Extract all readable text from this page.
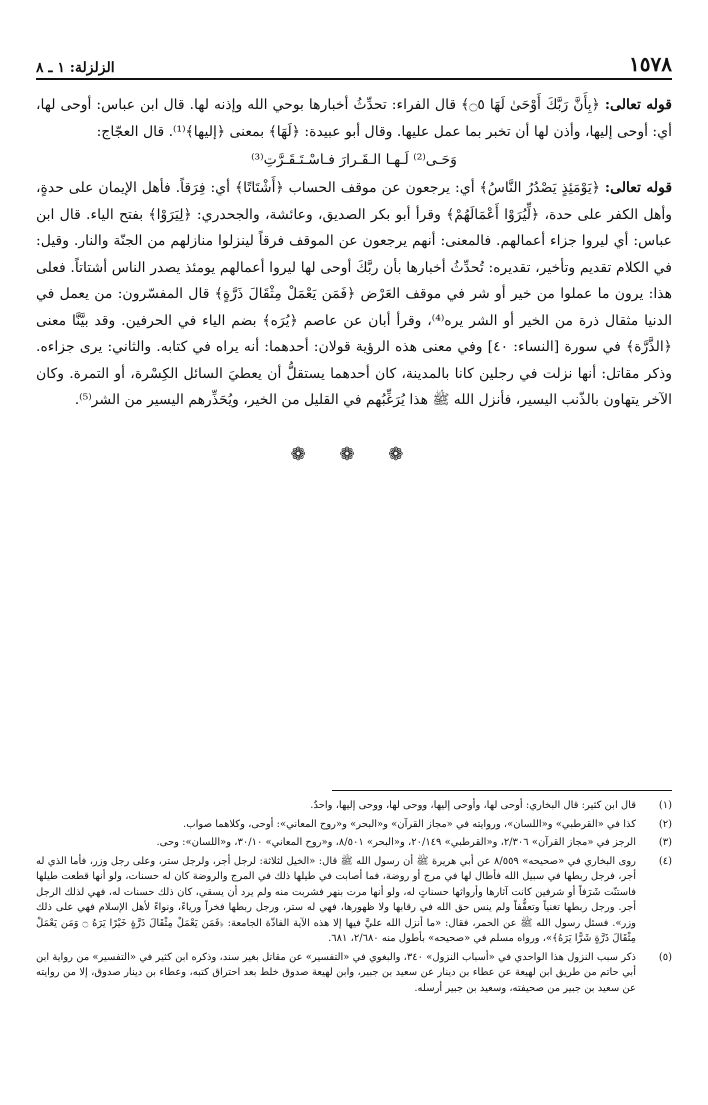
١٥٧٨
الزلزلة: ١ ـ ٨

قوله تعالى: ﴿بِأَنَّ رَبَّكَ أَوْحَىٰ لَهَا ۝٥﴾ قال الفراء: تحدِّثُ أخبارها بوحي الله وإذنه لها. قال ابن عباس: أوحى لها، أي: أوحى إليها، وأذن لها أن تخبر بما عمل عليها. وقال أبو عبيدة: ﴿لَهَا﴾ بمعنى ﴿إليها﴾⁽¹⁾. قال العجّاج:

وَحَـى⁽²⁾ لَـهـا الـقَـرارَ فـاسْـتَـقَـرَّتِ⁽³⁾

قوله تعالى: ﴿يَوْمَئِذٍ يَصْدُرُ النَّاسُ﴾ أي: يرجعون عن موقف الحساب ﴿أَشْتَاتًا﴾ أي: فِرَقاً. فأهل الإيمان على حدةٍ، وأهل الكفر على حدة، ﴿لِّيُرَوْا أَعْمَالَهُمْ﴾ وقرأ أبو بكر الصديق، وعائشة، والجحدري: ﴿لِيَرَوْا﴾ بفتح الياء. قال ابن عباس: أي ليروا جزاء أعمالهم. فالمعنى: أنهم يرجعون عن الموقف فرقاً لينزلوا منازلهم من الجنّة والنار. وقيل: في الكلام تقديم وتأخير، تقديره: تُحدِّثُ أخبارها بأن ربَّكَ أوحى لها ليروا أعمالهم يومئذ يصدر الناس أشتاتاً. فعلى هذا: يرون ما عملوا من خير أو شر في موقف العَرْض ﴿فَمَن يَعْمَلْ مِثْقَالَ ذَرَّةٍ﴾ قال المفسّرون: من يعمل في الدنيا مثقال ذرة من الخير أو الشر يره⁽⁴⁾، وقرأ أبان عن عاصم ﴿يُرَه﴾ بضم الياء في الحرفين. وقد بيَّنَّا معنى ﴿الذَّرَّة﴾ في سورة [النساء: ٤٠] وفي معنى هذه الرؤية قولان: أحدهما: أنه يراه في كتابه. والثاني: يرى جزاءه. وذكر مقاتل: أنها نزلت في رجلين كانا بالمدينة، كان أحدهما يستقلُّ أن يعطيَ السائل الكِسْرة، أو التمرة. وكان الآخر يتهاون بالذّنب اليسير، فأنزل الله ﷺ هذا يُرَغِّبُهم في القليل من الخير، ويُحَذِّرهم اليسير من الشر⁽⁵⁾.

❁ ❁ ❁
(١)
قال ابن كثير: قال البخاري: أوحى لها، وأوحى إليها، ووحى لها، ووحى إليها، واحدٌ.
(٢)
كذا في «القرطبي» و«اللسان»، وروايته في «مجاز القرآن» و«البحر» و«روح المعاني»: أوحى، وكلاهما صواب.
(٣)
الرجز في «مجاز القرآن» ٢/٣٠٦، و«القرطبي» ٢٠/١٤٩، و«البحر» ٨/٥٠١، و«روح المعاني» ٣٠/١٠، و«اللسان»: وحى.
(٤)
روى البخاري في «صحيحه» ٨/٥٥٩ عن أبي هريرة ﷺ أن رسول الله ﷺ قال: «الخيل لثلاثة: لرجل أجر، ولرجل ستر، وعلى رجل وزر، فأما الذي له أجر، فرجل ربطها في سبيل الله فأطال لها في مرج أو روضة، فما أصابت في طيلها ذلك في المرج والروضة كان له حسنات، ولو أنها قطعت طيلها فاستنّت شَرَفاً أو شرفين كانت آثارها وأرواثها حسناتٍ له، ولو أنها مرت بنهر فشربت منه ولم يرد أن يسقي، كان ذلك حسنات له، فهي لذلك الرجل أجر. ورجل ربطها تغنياً وتعفُّفاً ولم ينس حق الله في رقابها ولا ظهورها، فهي له ستر، ورجل ربطها فخراً ورياءً، ونواءً لأهل الإسلام فهي على ذلك وزر». فسئل رسول الله ﷺ عن الحمر، فقال: «ما أنزل الله عليَّ فيها إلا هذه الآية الفاذّة الجامعة: ﴿فَمَن يَعْمَلْ مِثْقَالَ ذَرَّةٍ خَيْرًا يَرَهُ ۝ وَمَن يَعْمَلْ مِثْقَالَ ذَرَّةٍ شَرًّا يَرَهُ﴾»، ورواه مسلم في «صحيحه» بأطول منه ٢/٦٨٠، ٦٨١.
(٥)
ذكر سبب النزول هذا الواحدي في «أسباب النزول» ٣٤٠، والبغوي في «التفسير» عن مقاتل بغير سند، وذكره ابن كثير في «التفسير» من رواية ابن أبي حاتم من طريق ابن لهيعة عن عطاء بن دينار عن سعيد بن جبير، وابن لهيعة صدوق خلط بعد احتراق كتبه، وعطاء بن دينار صدوق، إلا من روايته عن سعيد بن جبير من صحيفته، وسعيد بن جبير أرسله.
